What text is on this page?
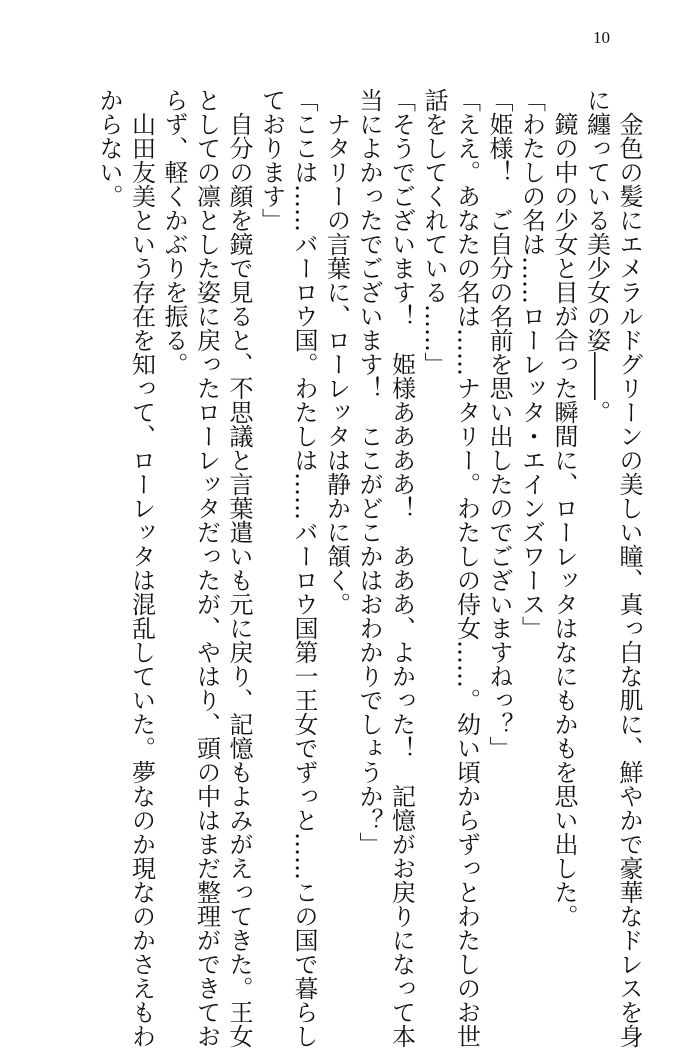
10
　金色の髪にエメラルドグリーンの美しい瞳、真っ白な肌に、鮮やかで豪華なドレスを身
に纏っている美少女の姿――。
　鏡の中の少女と目が合った瞬間に、ローレッタはなにもかもを思い出した。
「わたしの名は……ローレッタ・エインズワース」
「姫様！　ご自分の名前を思い出したのでございますねっ？」
「ええ。あなたの名は……ナタリー。わたしの侍女……。幼い頃からずっとわたしのお世
話をしてくれている……」
「そうでございます！　姫様ああああ！　あああ、よかった！　記憶がお戻りになって本
当によかったでございます！　ここがどこかはおわかりでしょうか？」
　ナタリーの言葉に、ローレッタは静かに頷く。
「ここは……バーロウ国。わたしは……バーロウ国第一王女でずっと……この国で暮らし
ております」
　自分の顔を鏡で見ると、不思議と言葉遣いも元に戻り、記憶もよみがえってきた。王女
としての凛とした姿に戻ったローレッタだったが、やはり、頭の中はまだ整理ができてお
らず、軽くかぶりを振る。
　山田友美という存在を知って、ローレッタは混乱していた。夢なのか現なのかさえもわ
からない。
